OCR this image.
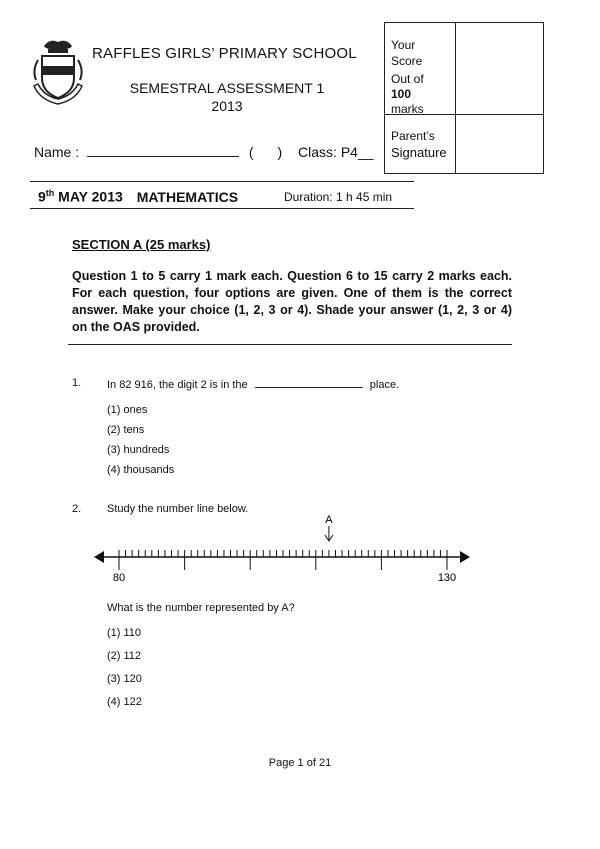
RAFFLES GIRLS’ PRIMARY SCHOOL
SEMESTRAL ASSESSMENT 1
2013
Name :	( ) Class: P4__
Your
Score
Out of
100
marks
Parent’s
Signature
9th MAY 2013 MATHEMATICS	Duration: 1 h 45 min
SECTION A (25 marks)
Question 1 to 5 carry 1 mark each. Question 6 to 15 carry 2 marks each. For each question, four options are given. One of them is the correct answer. Make your choice (1, 2, 3 or 4). Shade your answer (1, 2, 3 or 4) on the OAS provided.
1. In 82 916, the digit 2 is in the	place.
(1) ones
(2) tens
(3) hundreds
(4) thousands
2. Study the number line below.
A
80	130
What is the number represented by A?
(1) 110
(2) 112
(3) 120
(4) 122
Page 1 of 21
